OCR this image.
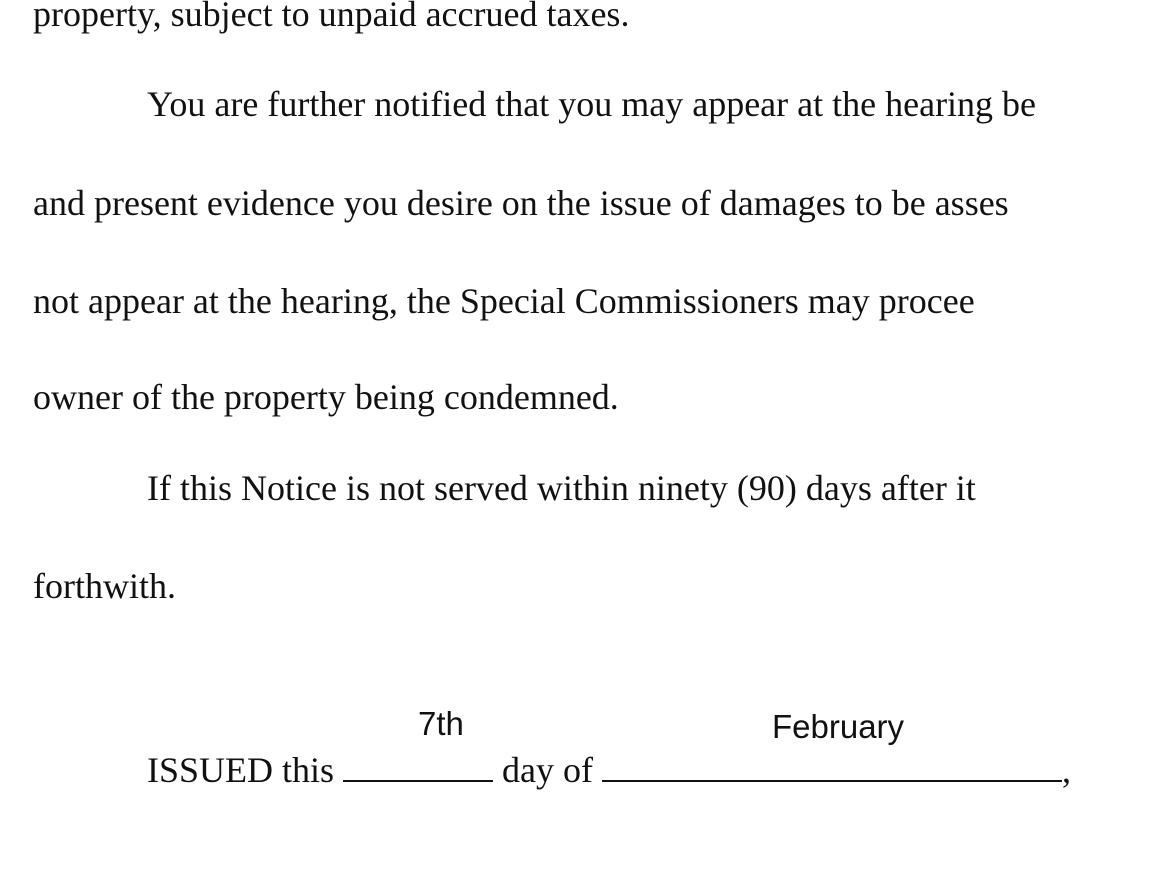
property, subject to unpaid accrued taxes.
You are further notified that you may appear at the hearing be
and present evidence you desire on the issue of damages to be asses
not appear at the hearing, the Special Commissioners may procee
owner of the property being condemned.
If this Notice is not served within ninety (90) days after it
forthwith.
ISSUED this	day of	,
7th	February
